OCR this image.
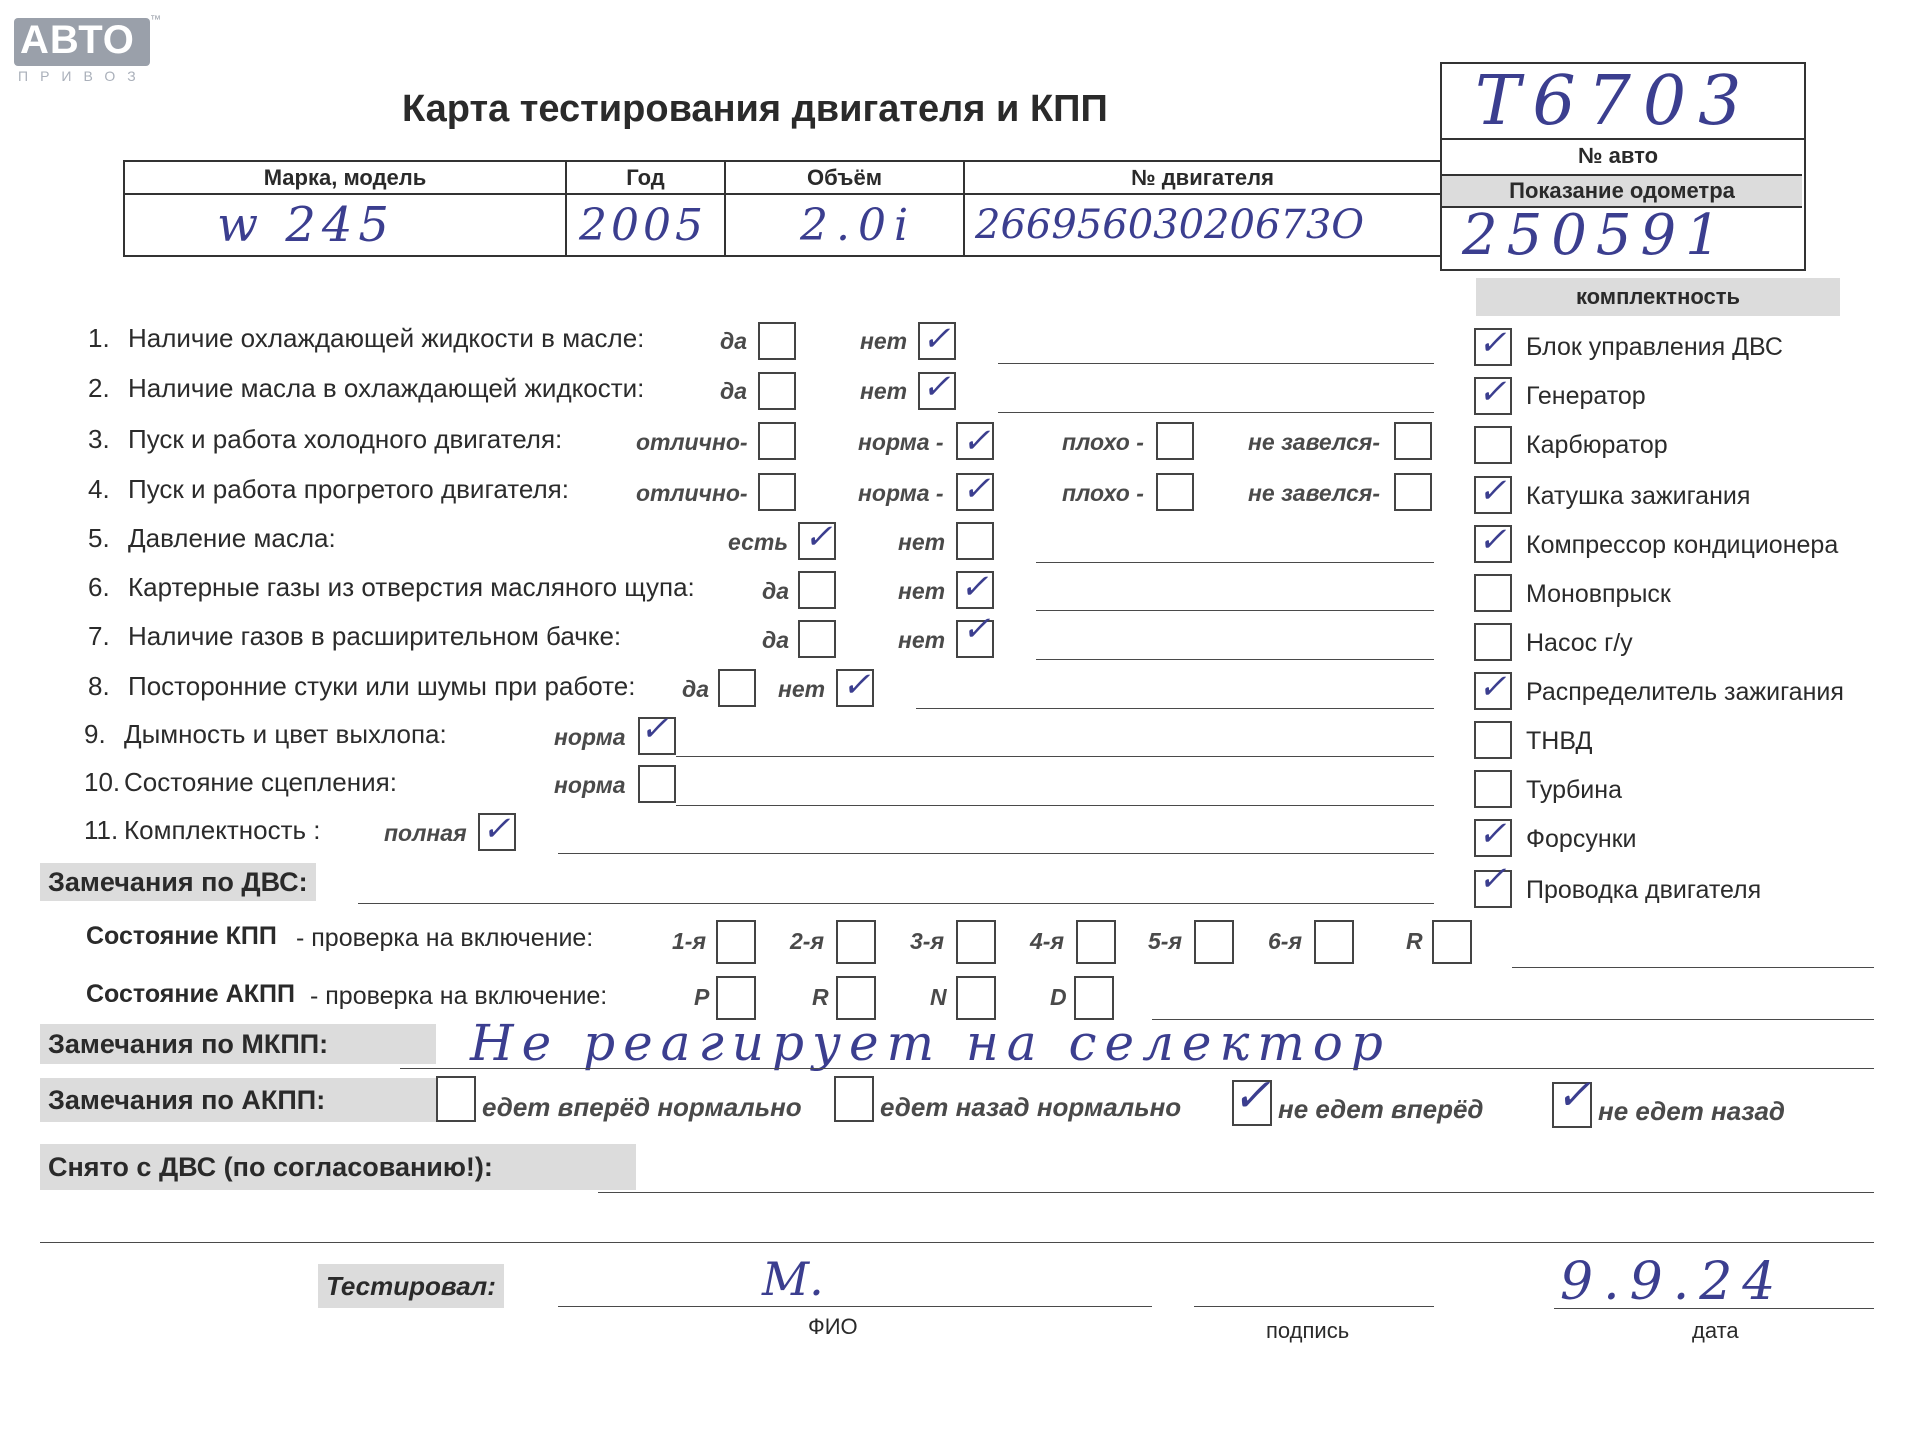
АВТО ™
ПРИВОЗ
Карта тестирования двигателя и КПП	T6703
№ авто
Показание одометра
250591
Марка, модель	Год	Объём	№ двигателя
w 245	2005	2.0i	26695603020673О
1. Наличие охлаждающей жидкости в масле:	да	нет ✓
2. Наличие масла в охлаждающей жидкости:	да	нет ✓
3. Пуск и работа холодного двигателя:	отлично-	норма - ✓	плохо -	не завелся-
4. Пуск и работа прогретого двигателя:	отлично-	норма - ✓	плохо -	не завелся-
5. Давление масла:	есть ✓	нет
6. Картерные газы из отверстия масляного щупа:	да	нет ✓
7. Наличие газов в расширительном бачке:	да	нет ✓
8. Посторонние стуки или шумы при работе: да	нет ✓
9. Дымность и цвет выхлопа:	норма ✓
10. Состояние сцепления:	норма
11. Комплектность :	полная ✓
комплектность
✓ Блок управления ДВС
✓ Генератор
Карбюратор
✓ Катушка зажигания
✓ Компрессор кондиционера
Моновпрыск
Насос г/у
✓ Распределитель зажигания
ТНВД
Турбина
✓ Форсунки
✓ Проводка двигателя
Замечания по ДВС:
Состояние КПП - проверка на включение:	1-я	2-я	3-я	4-я	5-я	6-я	R
Состояние АКПП - проверка на включение:	P	R	N	D
Замечания по МКПП:	Не реагирует на селектор
Замечания по АКПП:	едет вперёд нормально	едет назад нормально ✓ не едет вперёд ✓ не едет назад
Снято с ДВС (по согласованию!):
Тестировал:	М.	9.9.24
ФИО	подпись	дата
